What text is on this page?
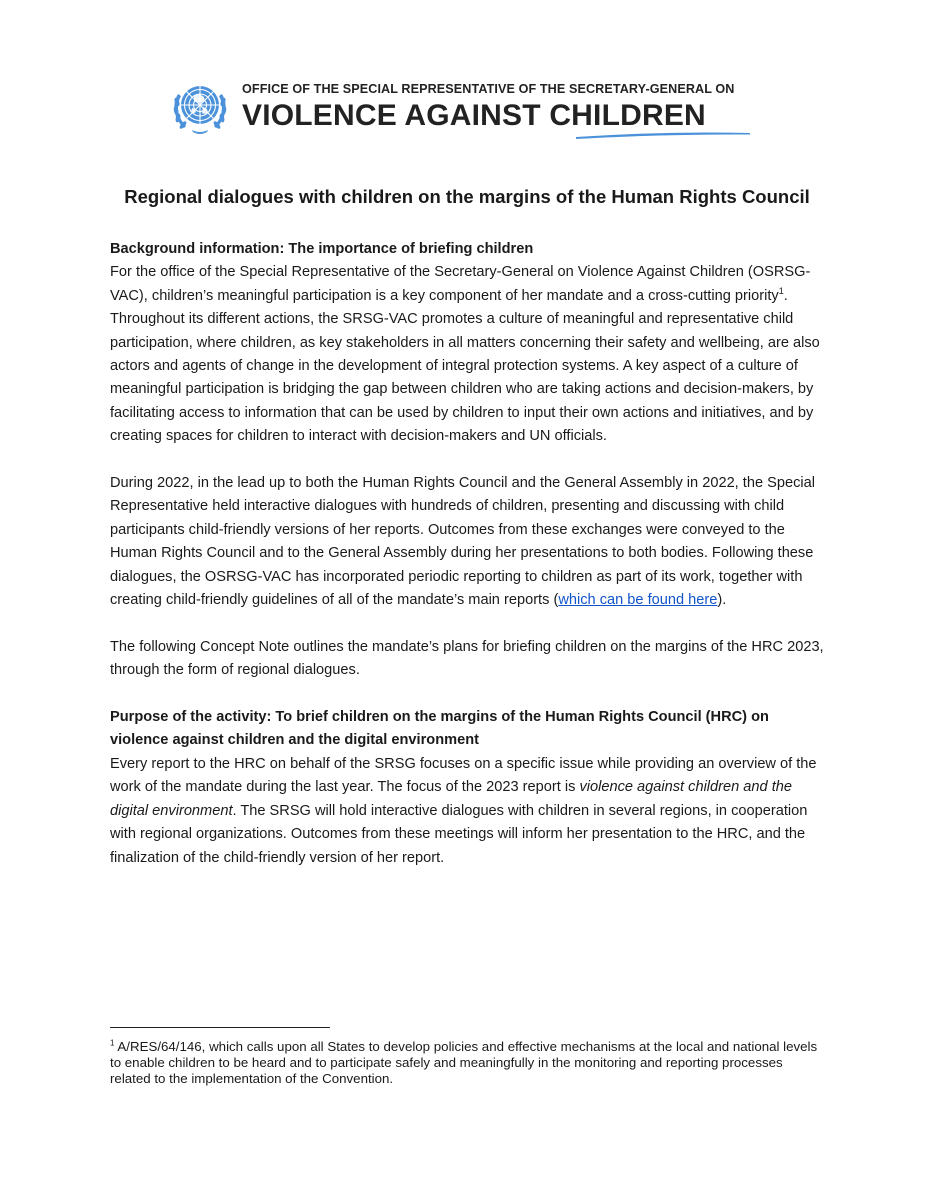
OFFICE OF THE SPECIAL REPRESENTATIVE OF THE SECRETARY-GENERAL ON
VIOLENCE AGAINST CHILDREN
Regional dialogues with children on the margins of the Human Rights Council

Background information: The importance of briefing children
For the office of the Special Representative of the Secretary-General on Violence Against Children (OSRSG-VAC), children’s meaningful participation is a key component of her mandate and a cross-cutting priority$^1$. Throughout its different actions, the SRSG-VAC promotes a culture of meaningful and representative child participation, where children, as key stakeholders in all matters concerning their safety and wellbeing, are also actors and agents of change in the development of integral protection systems. A key aspect of a culture of meaningful participation is bridging the gap between children who are taking actions and decision-makers, by facilitating access to information that can be used by children to input their own actions and initiatives, and by creating spaces for children to interact with decision-makers and UN officials.

During 2022, in the lead up to both the Human Rights Council and the General Assembly in 2022, the Special Representative held interactive dialogues with hundreds of children, presenting and discussing with child participants child-friendly versions of her reports. Outcomes from these exchanges were conveyed to the Human Rights Council and to the General Assembly during her presentations to both bodies. Following these dialogues, the OSRSG-VAC has incorporated periodic reporting to children as part of its work, together with creating child-friendly guidelines of all of the mandate’s main reports (which can be found here).

The following Concept Note outlines the mandate’s plans for briefing children on the margins of the HRC 2023, through the form of regional dialogues.

Purpose of the activity: To brief children on the margins of the Human Rights Council (HRC) on violence against children and the digital environment
Every report to the HRC on behalf of the SRSG focuses on a specific issue while providing an overview of the work of the mandate during the last year. The focus of the 2023 report is violence against children and the digital environment. The SRSG will hold interactive dialogues with children in several regions, in cooperation with regional organizations. Outcomes from these meetings will inform her presentation to the HRC, and the finalization of the child-friendly version of her report.

$^1$ A/RES/64/146, which calls upon all States to develop policies and effective mechanisms at the local and national levels to enable children to be heard and to participate safely and meaningfully in the monitoring and reporting processes related to the implementation of the Convention.
